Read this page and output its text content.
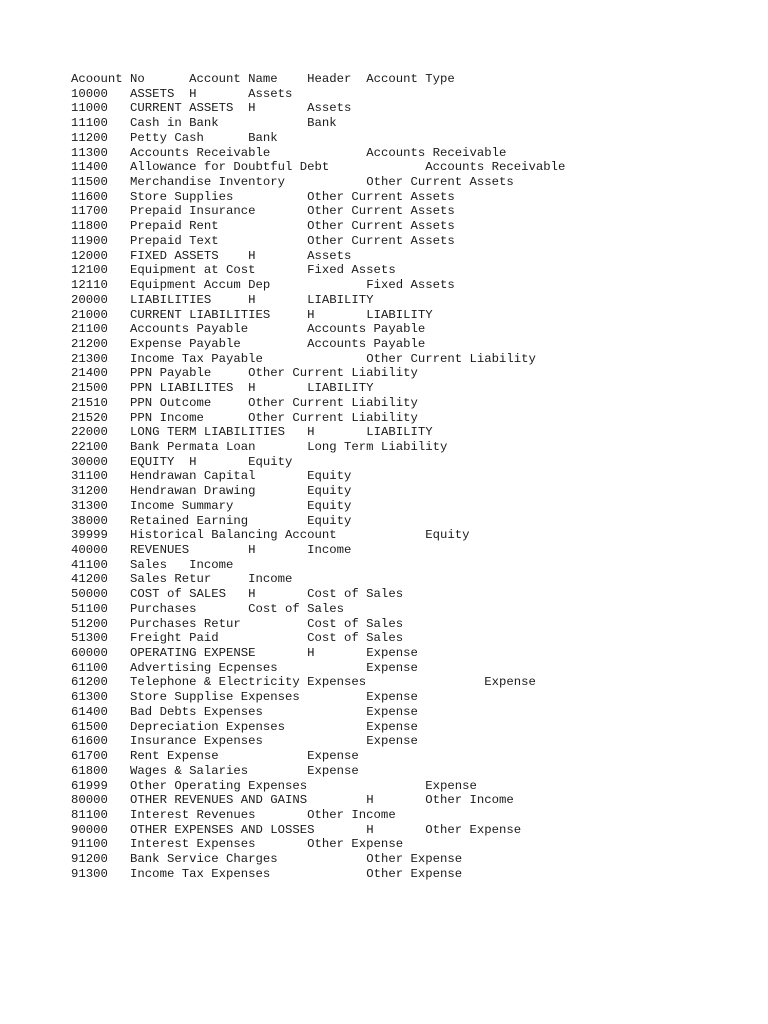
Acoount No	Account Name	Header	Account Type
10000	ASSETS	H	Assets
11000	CURRENT ASSETS	H	Assets
11100	Cash in Bank		Bank
11200	Petty Cash	Bank
11300	Accounts Receivable		Accounts Receivable
11400	Allowance for Doubtful Debt		Accounts Receivable
11500	Merchandise Inventory		Other Current Assets
11600	Store Supplies		Other Current Assets
11700	Prepaid Insurance	Other Current Assets
11800	Prepaid Rent		Other Current Assets
11900	Prepaid Text		Other Current Assets
12000	FIXED ASSETS	H	Assets
12100	Equipment at Cost	Fixed Assets
12110	Equipment Accum Dep		Fixed Assets
20000	LIABILITIES	H	LIABILITY
21000	CURRENT LIABILITIES	H	LIABILITY
21100	Accounts Payable	Accounts Payable
21200	Expense Payable		Accounts Payable
21300	Income Tax Payable		Other Current Liability
21400	PPN Payable	Other Current Liability
21500	PPN LIABILITES	H	LIABILITY
21510	PPN Outcome	Other Current Liability
21520	PPN Income	Other Current Liability
22000	LONG TERM LIABILITIES	H	LIABILITY
22100	Bank Permata Loan	Long Term Liability
30000	EQUITY	H	Equity
31100	Hendrawan Capital	Equity
31200	Hendrawan Drawing	Equity
31300	Income Summary		Equity
38000	Retained Earning	Equity
39999	Historical Balancing Account		Equity
40000	REVENUES	H	Income
41100	Sales	Income
41200	Sales Retur	Income
50000	COST of SALES	H	Cost of Sales
51100	Purchases	Cost of Sales
51200	Purchases Retur		Cost of Sales
51300	Freight Paid		Cost of Sales
60000	OPERATING EXPENSE	H	Expense
61100	Advertising Ecpenses		Expense
61200	Telephone & Electricity Expenses		Expense
61300	Store Supplise Expenses		Expense
61400	Bad Debts Expenses		Expense
61500	Depreciation Expenses		Expense
61600	Insurance Expenses		Expense
61700	Rent Expense		Expense
61800	Wages & Salaries	Expense
61999	Other Operating Expenses		Expense
80000	OTHER REVENUES AND GAINS	H	Other Income
81100	Interest Revenues	Other Income
90000	OTHER EXPENSES AND LOSSES	H	Other Expense
91100	Interest Expenses	Other Expense
91200	Bank Service Charges		Other Expense
91300	Income Tax Expenses		Other Expense
